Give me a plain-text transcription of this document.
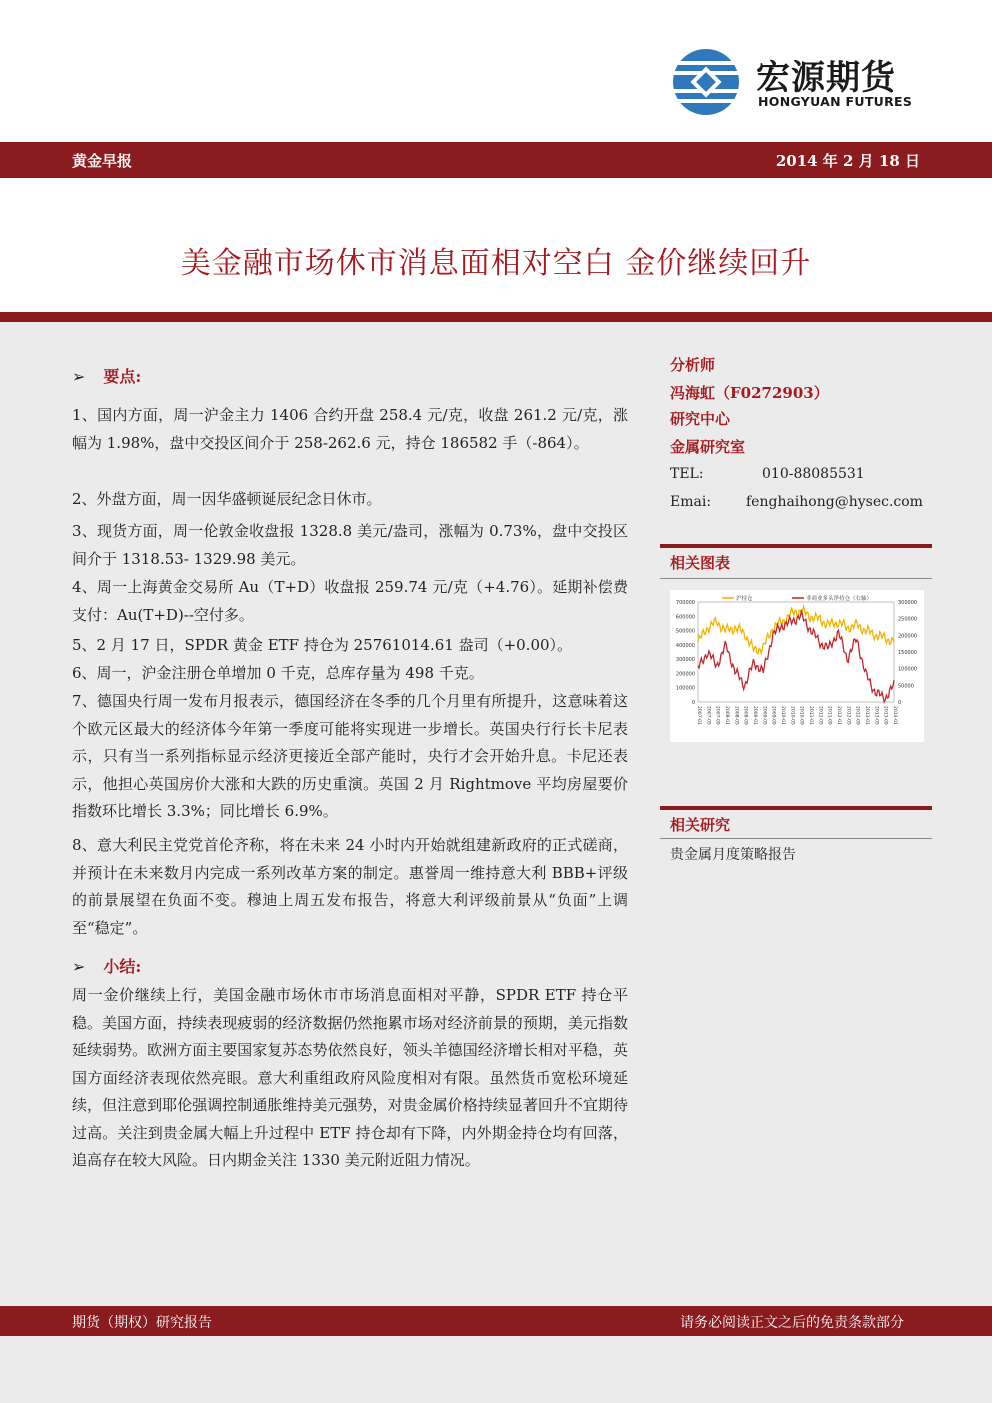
宏源期货
HONGYUAN FUTURES
黄金早报	2014 年 2 月 18 日
美金融市场休市消息面相对空白 金价继续回升
➢ 要点:
1、国内方面，周一沪金主力 1406 合约开盘 258.4 元/克，收盘 261.2 元/克，涨幅为 1.98%，盘中交投区间介于 258-262.6 元，持仓 186582 手（-864）。
2、外盘方面，周一因华盛顿诞辰纪念日休市。
3、现货方面，周一伦敦金收盘报 1328.8 美元/盎司，涨幅为 0.73%，盘中交投区间介于 1318.53- 1329.98 美元。
4、周一上海黄金交易所 Au（T+D）收盘报 259.74 元/克（+4.76）。延期补偿费支付：Au(T+D)--空付多。
5、2 月 17 日，SPDR 黄金 ETF 持仓为 25761014.61 盎司（+0.00）。
6、周一，沪金注册仓单增加 0 千克，总库存量为 498 千克。
7、德国央行周一发布月报表示，德国经济在冬季的几个月里有所提升，这意味着这个欧元区最大的经济体今年第一季度可能将实现进一步增长。英国央行行长卡尼表示，只有当一系列指标显示经济更接近全部产能时，央行才会开始升息。卡尼还表示，他担心英国房价大涨和大跌的历史重演。英国 2 月 Rightmove 平均房屋要价指数环比增长 3.3%；同比增长 6.9%。
8、意大利民主党党首伦齐称，将在未来 24 小时内开始就组建新政府的正式磋商，并预计在未来数月内完成一系列改革方案的制定。惠誉周一维持意大利 BBB+评级的前景展望在负面不变。穆迪上周五发布报告，将意大利评级前景从“负面”上调至“稳定”。
➢ 小结:
周一金价继续上行，美国金融市场休市市场消息面相对平静，SPDR ETF 持仓平稳。美国方面，持续表现疲弱的经济数据仍然拖累市场对经济前景的预期，美元指数延续弱势。欧洲方面主要国家复苏态势依然良好，领头羊德国经济增长相对平稳，英国方面经济表现依然亮眼。意大利重组政府风险度相对有限。虽然货币宽松环境延续，但注意到耶伦强调控制通胀维持美元强势，对贵金属价格持续显著回升不宜期待过高。关注到贵金属大幅上升过程中 ETF 持仓却有下降，内外期金持仓均有回落，追高存在较大风险。日内期金关注 1330 美元附近阻力情况。
分析师
冯海虹（F0272903）
研究中心
金属研究室
TEL:	010-88085531
Emai: fenghaihong@hysec.com
相关图表
相关研究
贵金属月度策略报告
700000
600000
500000
400000
300000
200000
100000
0
300000
250000
200000
150000
100000
50000
0
2007-01 2007-05 2007-09 2008-01 2008-05 2008-09 2009-01 2009-05 2009-09 2010-01 2010-05 2010-09 2011-01 2011-05 2011-09 2012-01 2012-05 2012-09 2013-01 2013-05 2013-09 2014-01
沪持仓	非商业多头净持仓（右轴）
期货（期权）研究报告	请务必阅读正文之后的免责条款部分
